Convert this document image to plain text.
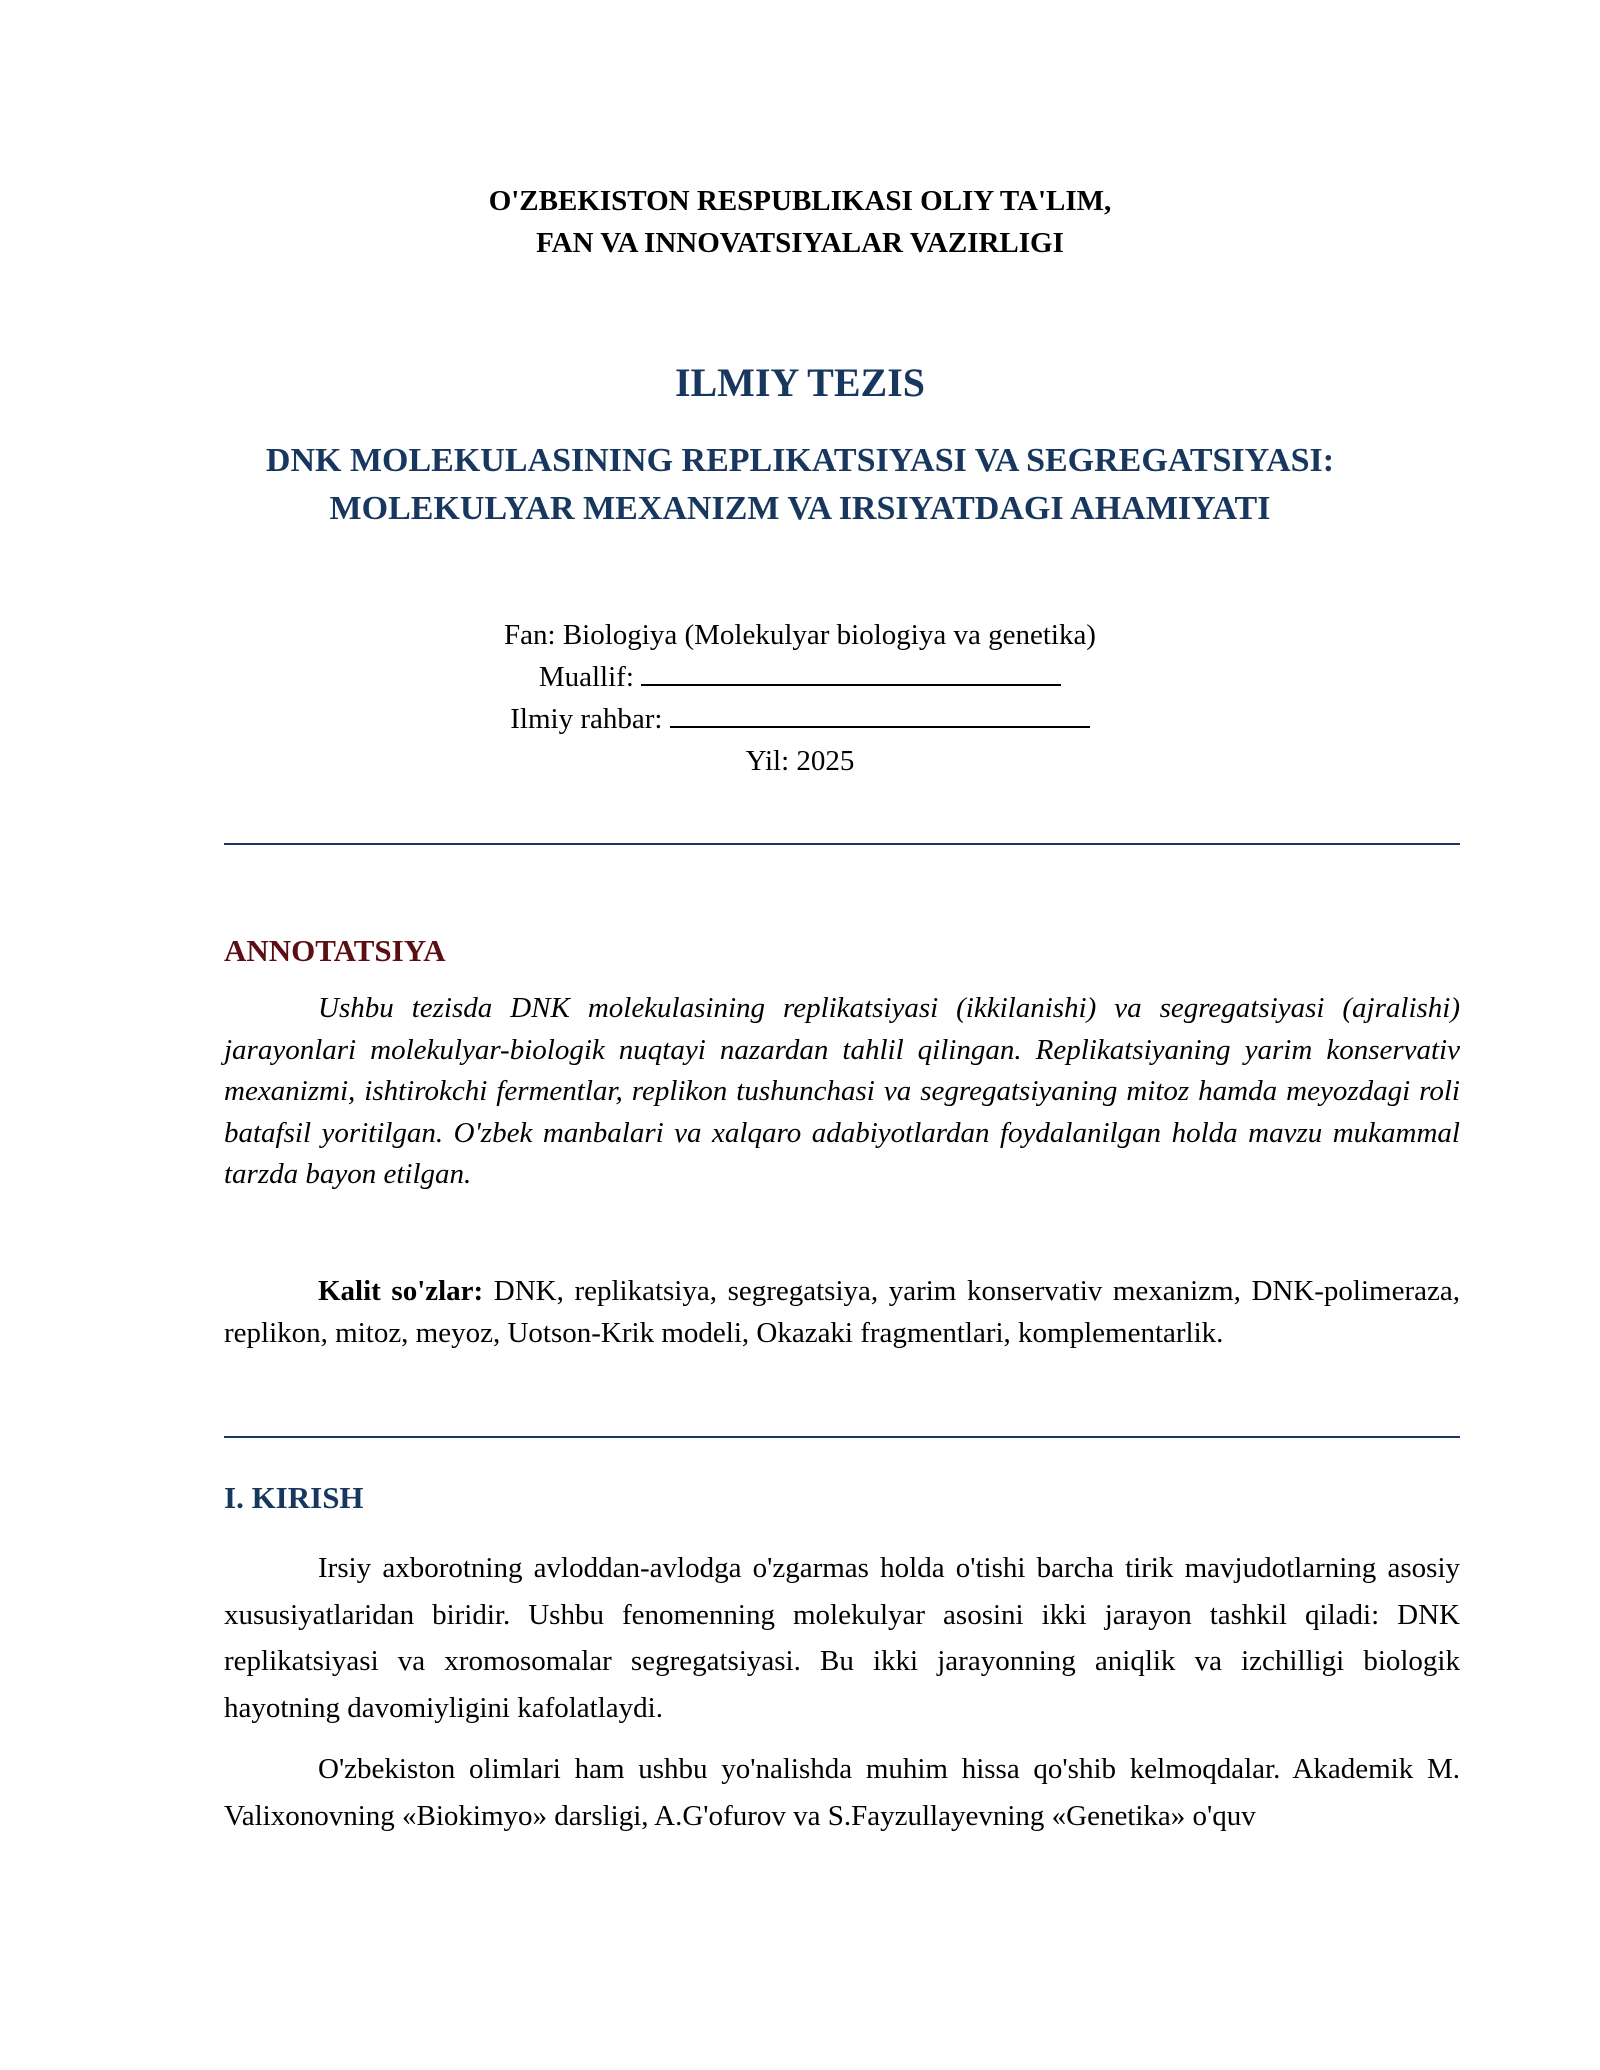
O'ZBEKISTON RESPUBLIKASI OLIY TA'LIM,
FAN VA INNOVATSIYALAR VAZIRLIGI
ILMIY TEZIS
DNK MOLEKULASINING REPLIKATSIYASI VA SEGREGATSIYASI:
MOLEKULYAR MEXANIZM VA IRSIYATDAGI AHAMIYATI
Fan: Biologiya (Molekulyar biologiya va genetika)
Muallif:
Ilmiy rahbar:
Yil: 2025
ANNOTATSIYA
Ushbu tezisda DNK molekulasining replikatsiyasi (ikkilanishi) va segregatsiyasi (ajralishi) jarayonlari molekulyar-biologik nuqtayi nazardan tahlil qilingan. Replikatsiyaning yarim konservativ mexanizmi, ishtirokchi fermentlar, replikon tushunchasi va segregatsiyaning mitoz hamda meyozdagi roli batafsil yoritilgan. O'zbek manbalari va xalqaro adabiyotlardan foydalanilgan holda mavzu mukammal tarzda bayon etilgan.
Kalit so'zlar: DNK, replikatsiya, segregatsiya, yarim konservativ mexanizm, DNK-polimeraza, replikon, mitoz, meyoz, Uotson-Krik modeli, Okazaki fragmentlari, komplementarlik.
I. KIRISH
Irsiy axborotning avloddan-avlodga o'zgarmas holda o'tishi barcha tirik mavjudotlarning asosiy xususiyatlaridan biridir. Ushbu fenomenning molekulyar asosini ikki jarayon tashkil qiladi: DNK replikatsiyasi va xromosomalar segregatsiyasi. Bu ikki jarayonning aniqlik va izchilligi biologik hayotning davomiyligini kafolatlaydi.
O'zbekiston olimlari ham ushbu yo'nalishda muhim hissa qo'shib kelmoqdalar. Akademik M. Valixonovning «Biokimyo» darsligi, A.G'ofurov va S.Fayzullayevning «Genetika» o'quv
